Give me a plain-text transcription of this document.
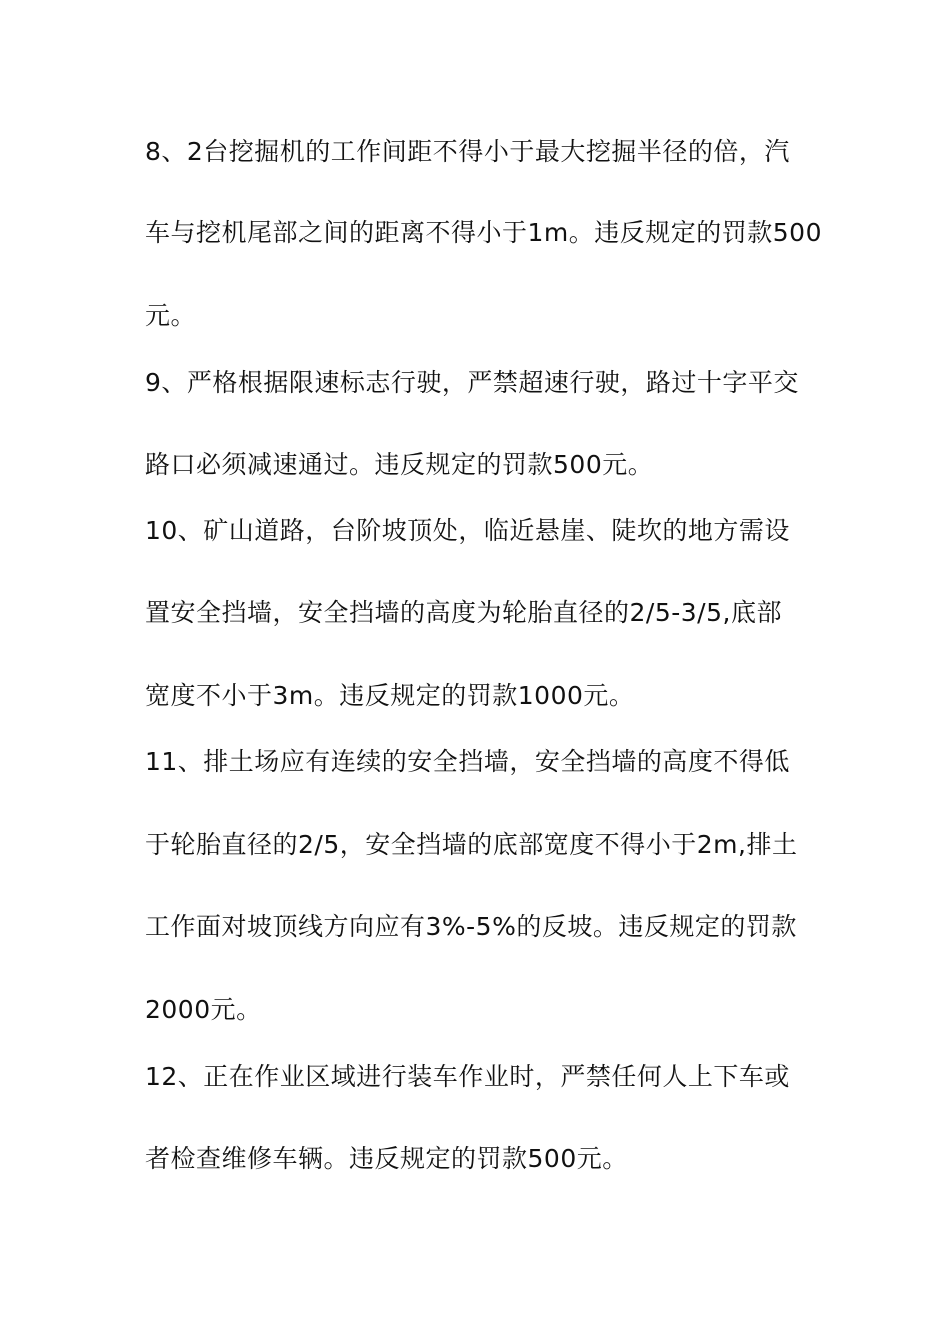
8、2台挖掘机的工作间距不得小于最大挖掘半径的倍，汽
车与挖机尾部之间的距离不得小于1m。违反规定的罚款500
元。
9、严格根据限速标志行驶，严禁超速行驶，路过十字平交
路口必须减速通过。违反规定的罚款500元。
10、矿山道路，台阶坡顶处，临近悬崖、陡坎的地方需设
置安全挡墙，安全挡墙的高度为轮胎直径的2/5-3/5,底部
宽度不小于3m。违反规定的罚款1000元。
11、排土场应有连续的安全挡墙，安全挡墙的高度不得低
于轮胎直径的2/5，安全挡墙的底部宽度不得小于2m,排土
工作面对坡顶线方向应有3%-5%的反坡。违反规定的罚款
2000元。
12、正在作业区域进行装车作业时，严禁任何人上下车或
者检查维修车辆。违反规定的罚款500元。
